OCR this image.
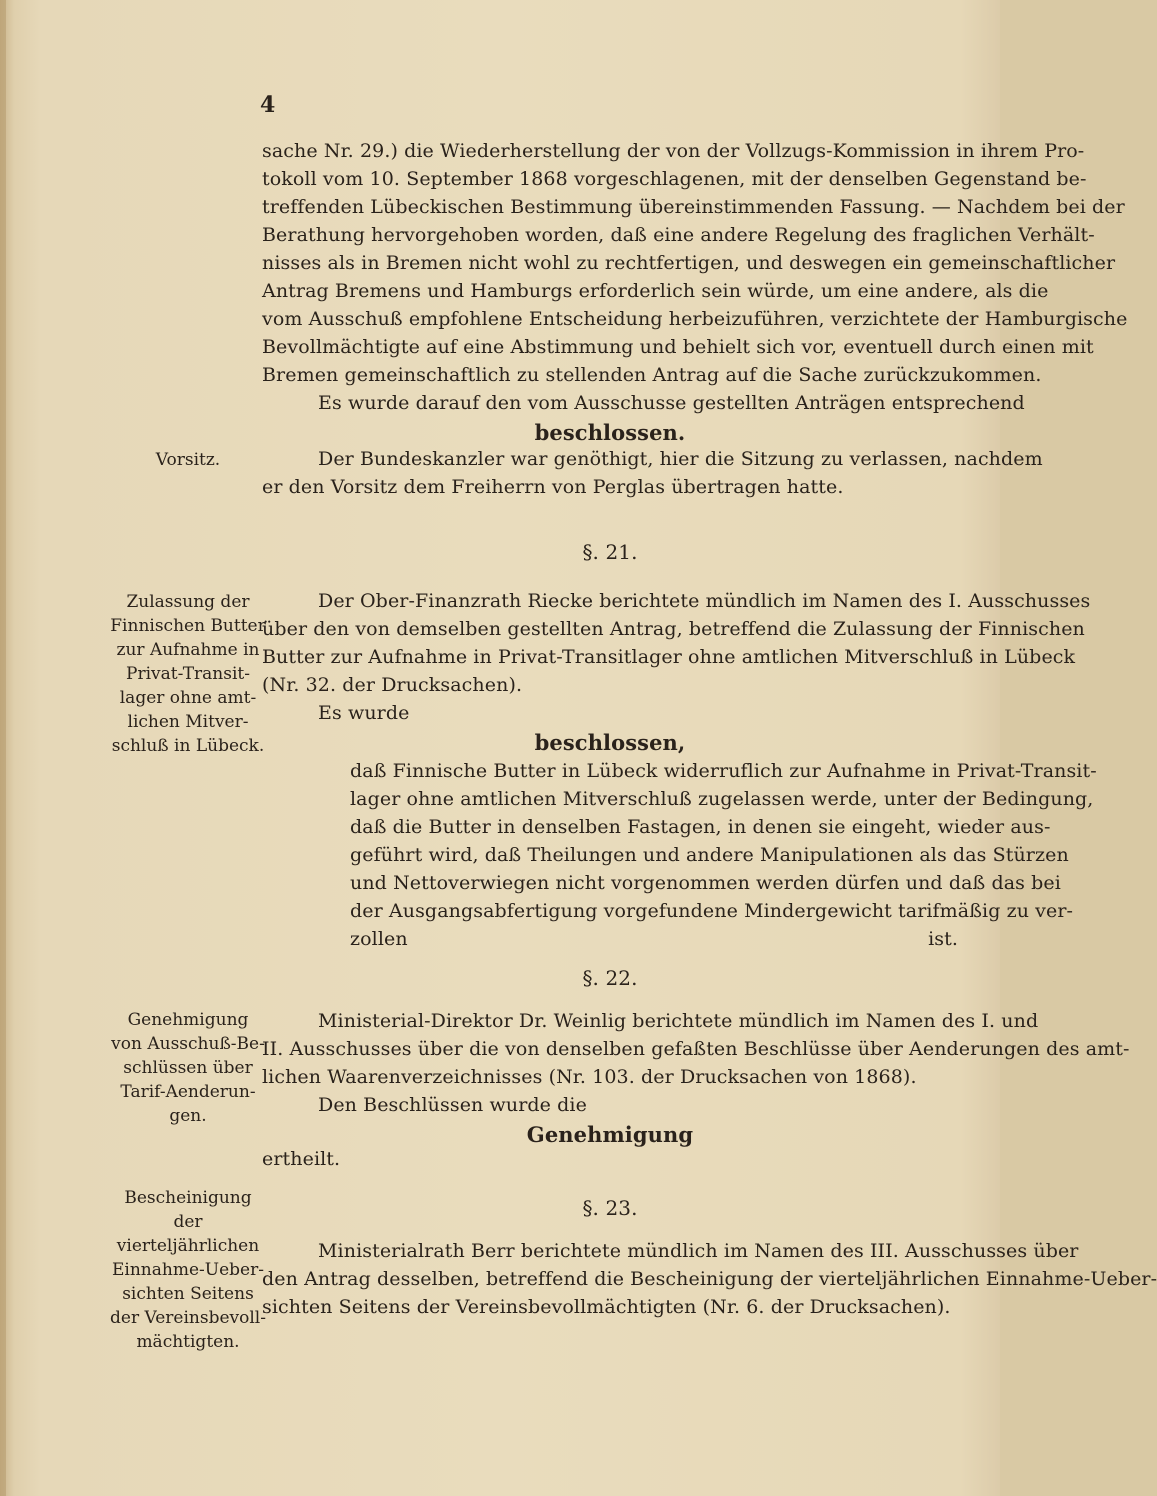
4
sache Nr. 29.) die Wiederherstellung der von der Vollzugs-Kommission in ihrem Pro-
tokoll vom 10. September 1868 vorgeschlagenen, mit der denselben Gegenstand be-
treffenden Lübeckischen Bestimmung übereinstimmenden Fassung. — Nachdem bei der
Berathung hervorgehoben worden, daß eine andere Regelung des fraglichen Verhält-
nisses als in Bremen nicht wohl zu rechtfertigen, und deswegen ein gemeinschaftlicher
Antrag Bremens und Hamburgs erforderlich sein würde, um eine andere, als die
vom Ausschuß empfohlene Entscheidung herbeizuführen, verzichtete der Hamburgische
Bevollmächtigte auf eine Abstimmung und behielt sich vor, eventuell durch einen mit
Bremen gemeinschaftlich zu stellenden Antrag auf die Sache zurückzukommen.
Es wurde darauf den vom Ausschusse gestellten Anträgen entsprechend
beschlossen.
Vorsitz.	Der Bundeskanzler war genöthigt, hier die Sitzung zu verlassen, nachdem
er den Vorsitz dem Freiherrn von Perglas übertragen hatte.
§. 21.
Zulassung der
Finnischen Butter
zur Aufnahme in
Privat-Transit-
lager ohne amt-
lichen Mitver-
schluß in Lübeck.
Der Ober-Finanzrath Riecke berichtete mündlich im Namen des I. Ausschusses
über den von demselben gestellten Antrag, betreffend die Zulassung der Finnischen
Butter zur Aufnahme in Privat-Transitlager ohne amtlichen Mitverschluß in Lübeck
(Nr. 32. der Drucksachen).
Es wurde
beschlossen,
daß Finnische Butter in Lübeck widerruflich zur Aufnahme in Privat-Transit-
lager ohne amtlichen Mitverschluß zugelassen werde, unter der Bedingung,
daß die Butter in denselben Fastagen, in denen sie eingeht, wieder aus-
geführt wird, daß Theilungen und andere Manipulationen als das Stürzen
und Nettoverwiegen nicht vorgenommen werden dürfen und daß das bei
der Ausgangsabfertigung vorgefundene Mindergewicht tarifmäßig zu ver-
zollen ist.
§. 22.
Genehmigung
von Ausschuß-Be-
schlüssen über
Tarif-Aenderun-
gen.
Ministerial-Direktor Dr. Weinlig berichtete mündlich im Namen des I. und
II. Ausschusses über die von denselben gefaßten Beschlüsse über Aenderungen des amt-
lichen Waarenverzeichnisses (Nr. 103. der Drucksachen von 1868).
Den Beschlüssen wurde die
Genehmigung
ertheilt.
§. 23.
Bescheinigung der
vierteljährlichen
Einnahme-Ueber-
sichten Seitens
der Vereinsbevoll-
mächtigten.
Ministerialrath Berr berichtete mündlich im Namen des III. Ausschusses über
den Antrag desselben, betreffend die Bescheinigung der vierteljährlichen Einnahme-Ueber-
sichten Seitens der Vereinsbevollmächtigten (Nr. 6. der Drucksachen).
